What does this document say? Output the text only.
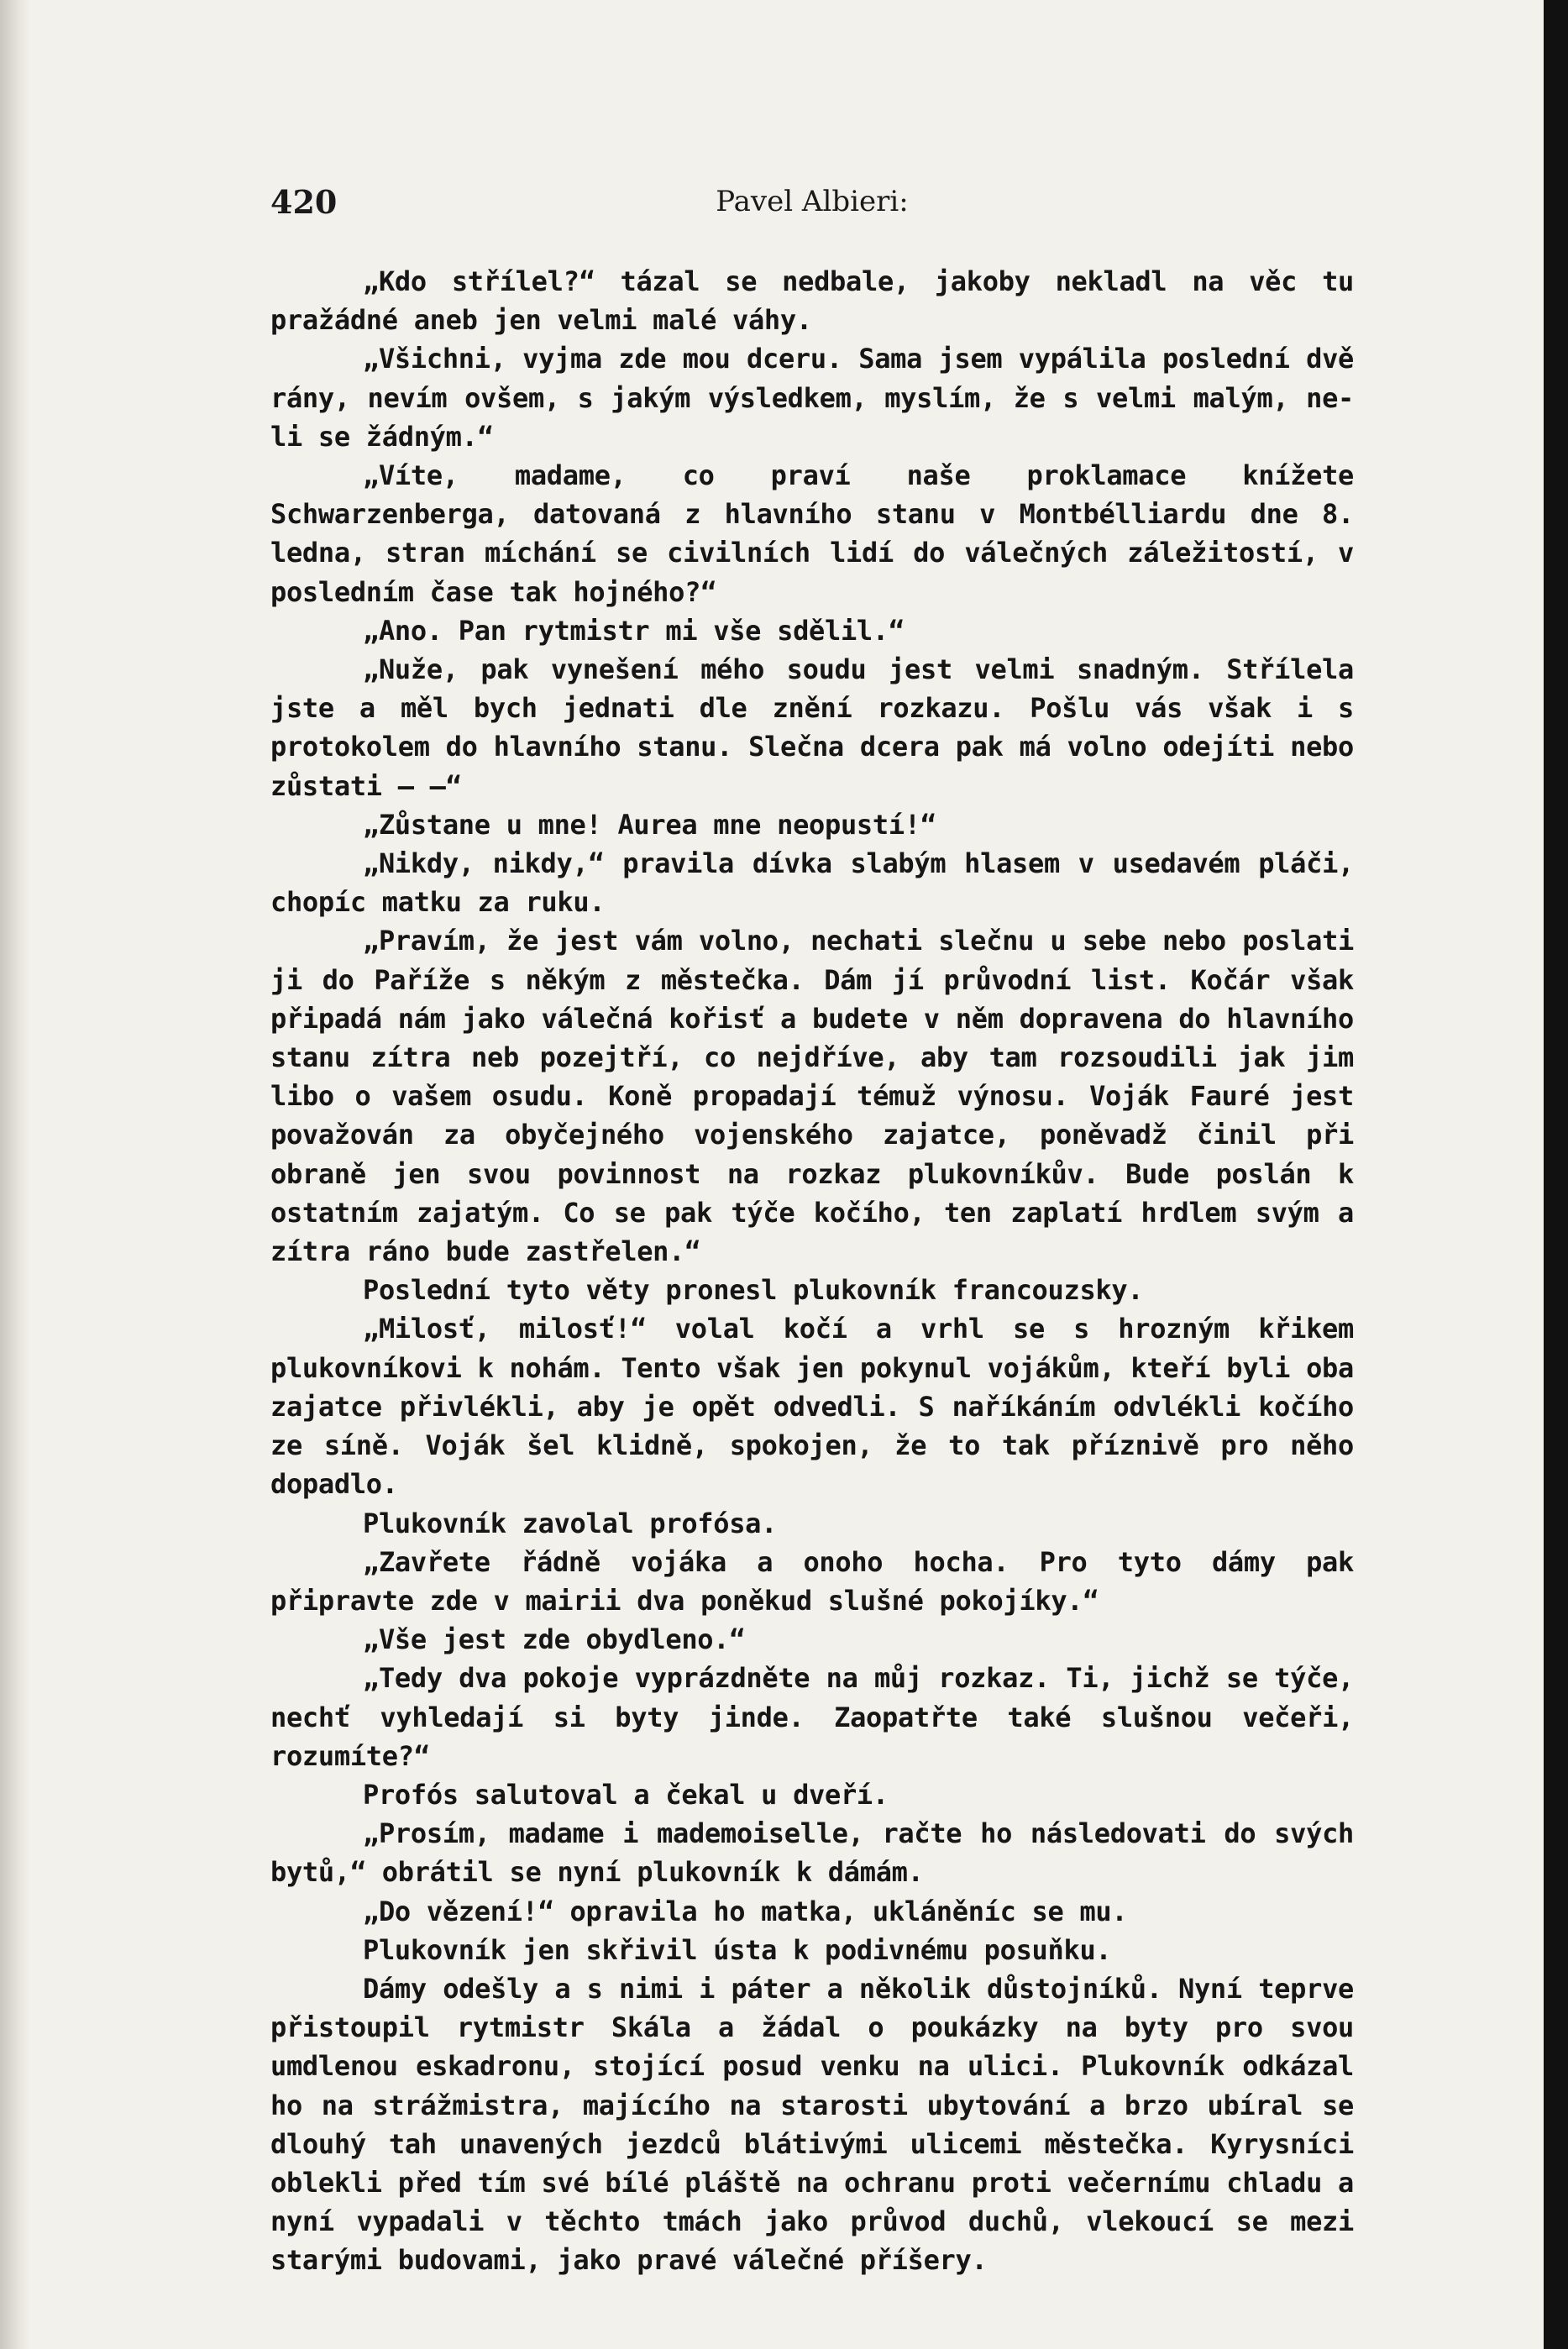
420	Pavel Albieri:

„Kdo střílel?“ tázal se nedbale, jakoby nekladl na věc tu pražádné aneb jen velmi malé váhy.

„Všichni, vyjma zde mou dceru. Sama jsem vypálila poslední dvě rány, nevím ovšem, s jakým výsledkem, myslím, že s velmi malým, ne-li se žádným.“

„Víte, madame, co praví naše proklamace knížete Schwarzenberga, datovaná z hlavního stanu v Montbélliardu dne 8. ledna, stran míchání se civilních lidí do válečných záležitostí, v posledním čase tak hojného?“

„Ano. Pan rytmistr mi vše sdělil.“

„Nuže, pak vynešení mého soudu jest velmi snadným. Střílela jste a měl bych jednati dle znění rozkazu. Pošlu vás však i s protokolem do hlavního stanu. Slečna dcera pak má volno odejíti nebo zůstati — —“

„Zůstane u mne! Aurea mne neopustí!“

„Nikdy, nikdy,“ pravila dívka slabým hlasem v usedavém pláči, chopíc matku za ruku.

„Pravím, že jest vám volno, nechati slečnu u sebe nebo poslati ji do Paříže s někým z městečka. Dám jí průvodní list. Kočár však připadá nám jako válečná kořisť a budete v něm dopravena do hlavního stanu zítra neb pozejtří, co nejdříve, aby tam rozsoudili jak jim libo o vašem osudu. Koně propadají témuž výnosu. Voják Fauré jest považován za obyčejného vojenského zajatce, poněvadž činil při obraně jen svou povinnost na rozkaz plukovníkův. Bude poslán k ostatním zajatým. Co se pak týče kočího, ten zaplatí hrdlem svým a zítra ráno bude zastřelen.“

Poslední tyto věty pronesl plukovník francouzsky.

„Milosť, milosť!“ volal kočí a vrhl se s hrozným křikem plukovníkovi k nohám. Tento však jen pokynul vojákům, kteří byli oba zajatce přivlékli, aby je opět odvedli. S naříkáním odvlékli kočího ze síně. Voják šel klidně, spokojen, že to tak příznivě pro něho dopadlo.

Plukovník zavolal profósa.

„Zavřete řádně vojáka a onoho hocha. Pro tyto dámy pak připravte zde v mairii dva poněkud slušné pokojíky.“

„Vše jest zde obydleno.“

„Tedy dva pokoje vyprázdněte na můj rozkaz. Ti, jichž se týče, nechť vyhledají si byty jinde. Zaopatřte také slušnou večeři, rozumíte?“

Profós salutoval a čekal u dveří.

„Prosím, madame i mademoiselle, račte ho následovati do svých bytů,“ obrátil se nyní plukovník k dámám.

„Do vězení!“ opravila ho matka, ukláněníc se mu.

Plukovník jen skřivil ústa k podivnému posuňku.

Dámy odešly a s nimi i páter a několik důstojníků. Nyní teprve přistoupil rytmistr Skála a žádal o poukázky na byty pro svou umdlenou eskadronu, stojící posud venku na ulici. Plukovník odkázal ho na strážmistra, majícího na starosti ubytování a brzo ubíral se dlouhý tah unavených jezdců blátivými ulicemi městečka. Kyrysníci oblekli před tím své bílé pláště na ochranu proti večernímu chladu a nyní vypadali v těchto tmách jako průvod duchů, vlekoucí se mezi starými budovami, jako pravé válečné příšery.
